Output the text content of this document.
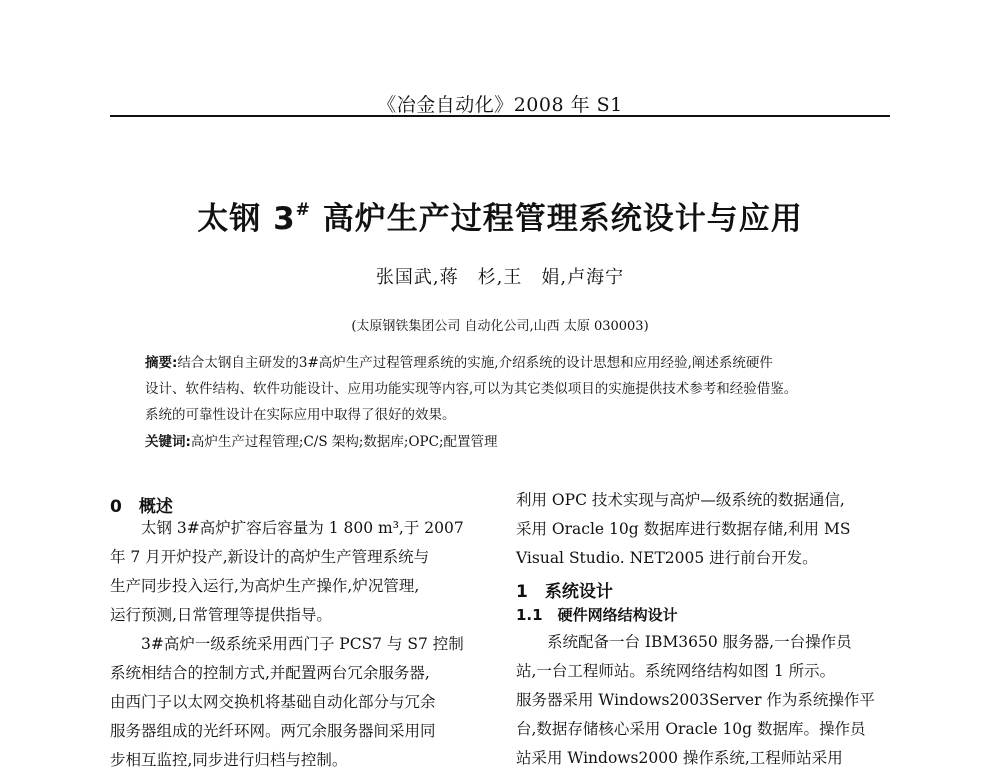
《冶金自动化》2008 年 S1
太钢 3# 高炉生产过程管理系统设计与应用
张国武,蒋　杉,王　娟,卢海宁
(太原钢铁集团公司 自动化公司,山西 太原 030003)
摘要:结合太钢自主研发的3#高炉生产过程管理系统的实施,介绍系统的设计思想和应用经验,阐述系统硬件
设计、软件结构、软件功能设计、应用功能实现等内容,可以为其它类似项目的实施提供技术参考和经验借鉴。
系统的可靠性设计在实际应用中取得了很好的效果。
关键词:高炉生产过程管理;C/S 架构;数据库;OPC;配置管理
0　概述
　　太钢 3#高炉扩容后容量为 1 800 m³,于 2007
年 7 月开炉投产,新设计的高炉生产管理系统与
生产同步投入运行,为高炉生产操作,炉况管理,
运行预测,日常管理等提供指导。
　　3#高炉一级系统采用西门子 PCS7 与 S7 控制
系统相结合的控制方式,并配置两台冗余服务器,
由西门子以太网交换机将基础自动化部分与冗余
服务器组成的光纤环网。两冗余服务器间采用同
步相互监控,同步进行归档与控制。
利用 OPC 技术实现与高炉—级系统的数据通信,
采用 Oracle 10g 数据库进行数据存储,利用 MS
Visual Studio. NET2005 进行前台开发。
1　系统设计
1.1　硬件网络结构设计
　　系统配备一台 IBM3650 服务器,一台操作员
站,一台工程师站。系统网络结构如图 1 所示。
服务器采用 Windows2003Server 作为系统操作平
台,数据存储核心采用 Oracle 10g 数据库。操作员
站采用 Windows2000 操作系统,工程师站采用
